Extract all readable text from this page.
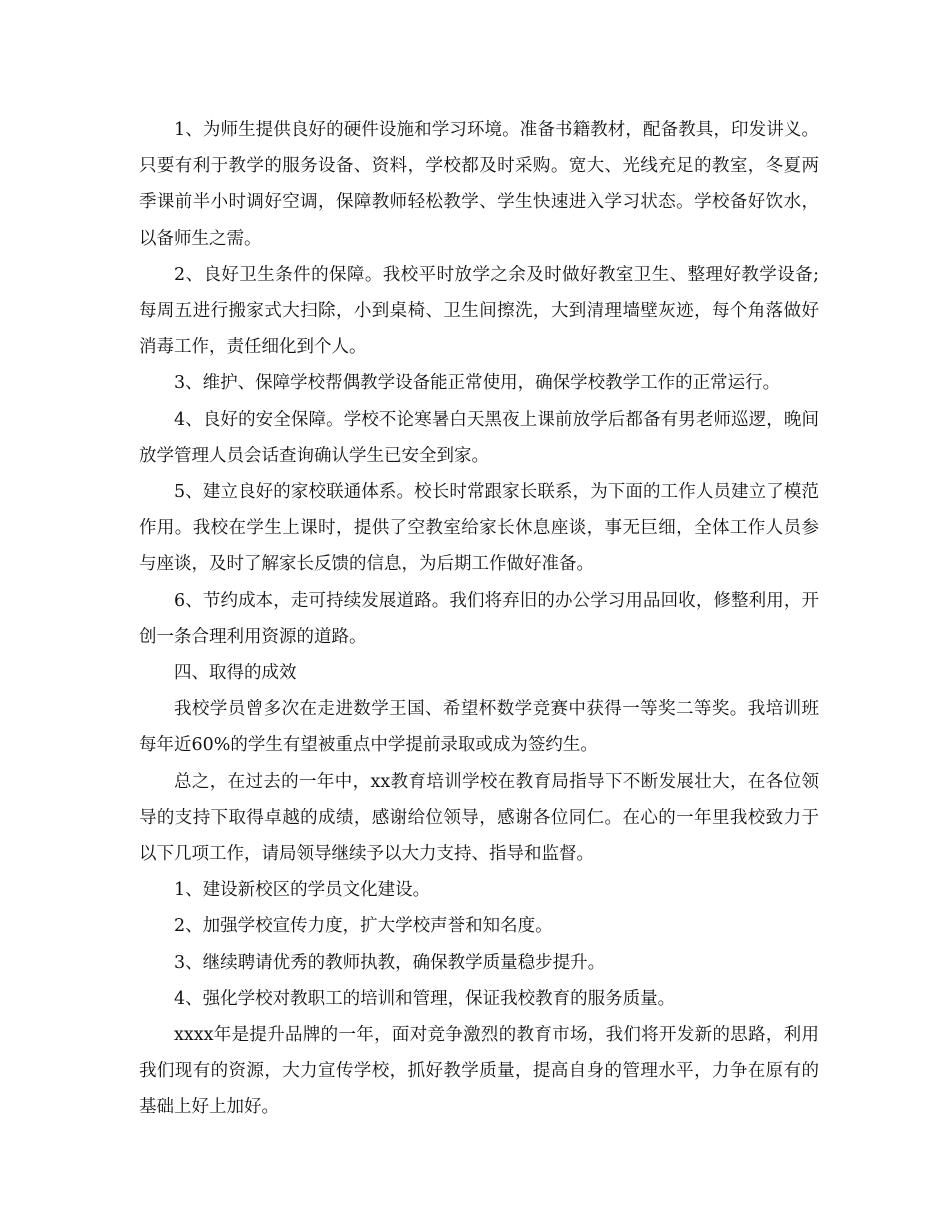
1、为师生提供良好的硬件设施和学习环境。准备书籍教材，配备教具，印发讲义。只要有利于教学的服务设备、资料，学校都及时采购。宽大、光线充足的教室，冬夏两季课前半小时调好空调，保障教师轻松教学、学生快速进入学习状态。学校备好饮水，以备师生之需。

2、良好卫生条件的保障。我校平时放学之余及时做好教室卫生、整理好教学设备;每周五进行搬家式大扫除，小到桌椅、卫生间擦洗，大到清理墙壁灰迹，每个角落做好消毒工作，责任细化到个人。

3、维护、保障学校帮偶教学设备能正常使用，确保学校教学工作的正常运行。

4、良好的安全保障。学校不论寒暑白天黑夜上课前放学后都备有男老师巡逻，晚间放学管理人员会话查询确认学生已安全到家。

5、建立良好的家校联通体系。校长时常跟家长联系，为下面的工作人员建立了模范作用。我校在学生上课时，提供了空教室给家长休息座谈，事无巨细，全体工作人员参与座谈，及时了解家长反馈的信息，为后期工作做好准备。

6、节约成本，走可持续发展道路。我们将弃旧的办公学习用品回收，修整利用，开创一条合理利用资源的道路。

四、取得的成效

我校学员曾多次在走进数学王国、希望杯数学竞赛中获得一等奖二等奖。我培训班每年近60%的学生有望被重点中学提前录取或成为签约生。

总之，在过去的一年中，xx教育培训学校在教育局指导下不断发展壮大，在各位领导的支持下取得卓越的成绩，感谢给位领导，感谢各位同仁。在心的一年里我校致力于以下几项工作，请局领导继续予以大力支持、指导和监督。

1、建设新校区的学员文化建设。

2、加强学校宣传力度，扩大学校声誉和知名度。

3、继续聘请优秀的教师执教，确保教学质量稳步提升。

4、强化学校对教职工的培训和管理，保证我校教育的服务质量。

xxxx年是提升品牌的一年，面对竞争激烈的教育市场，我们将开发新的思路，利用我们现有的资源，大力宣传学校，抓好教学质量，提高自身的管理水平，力争在原有的基础上好上加好。
